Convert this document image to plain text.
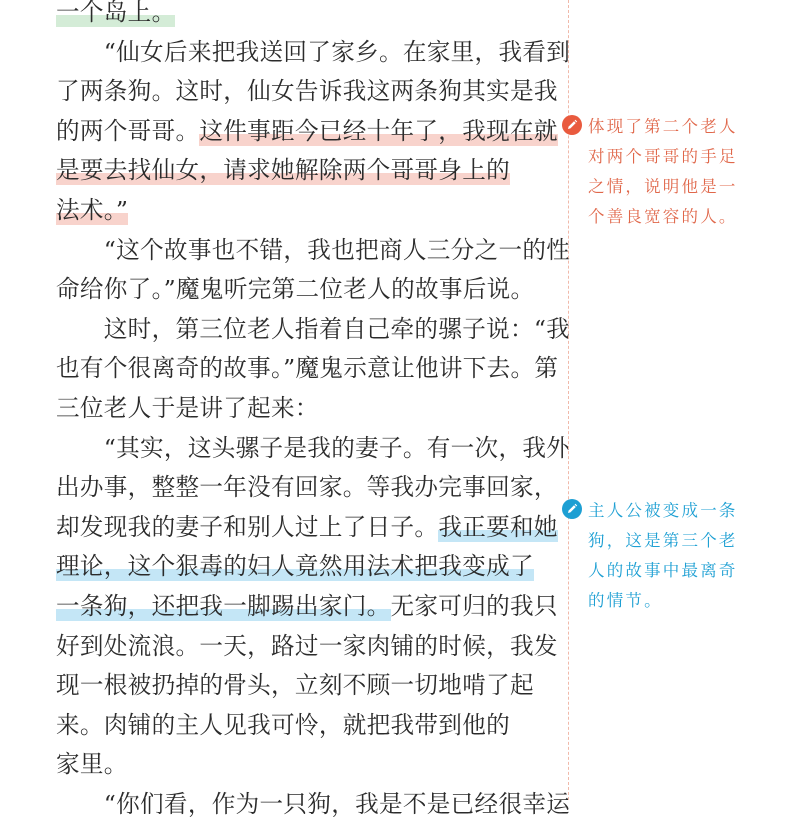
一个岛上。
　　“仙女后来把我送回了家乡。在家里，我看到
了两条狗。这时，仙女告诉我这两条狗其实是我
的两个哥哥。这件事距今已经十年了，我现在就
是要去找仙女，请求她解除两个哥哥身上的
法术。”
　　“这个故事也不错，我也把商人三分之一的性
命给你了。”魔鬼听完第二位老人的故事后说。
　　这时，第三位老人指着自己牵的骡子说：“我
也有个很离奇的故事。”魔鬼示意让他讲下去。第
三位老人于是讲了起来：
　　“其实，这头骡子是我的妻子。有一次，我外
出办事，整整一年没有回家。等我办完事回家，
却发现我的妻子和别人过上了日子。我正要和她
理论，这个狠毒的妇人竟然用法术把我变成了
一条狗，还把我一脚踢出家门。无家可归的我只
好到处流浪。一天，路过一家肉铺的时候，我发
现一根被扔掉的骨头，立刻不顾一切地啃了起
来。肉铺的主人见我可怜，就把我带到他的
家里。
　　“你们看，作为一只狗，我是不是已经很幸运
体现了第二个老人
对两个哥哥的手足
之情，说明他是一
个善良宽容的人。
主人公被变成一条
狗，这是第三个老
人的故事中最离奇
的情节。
